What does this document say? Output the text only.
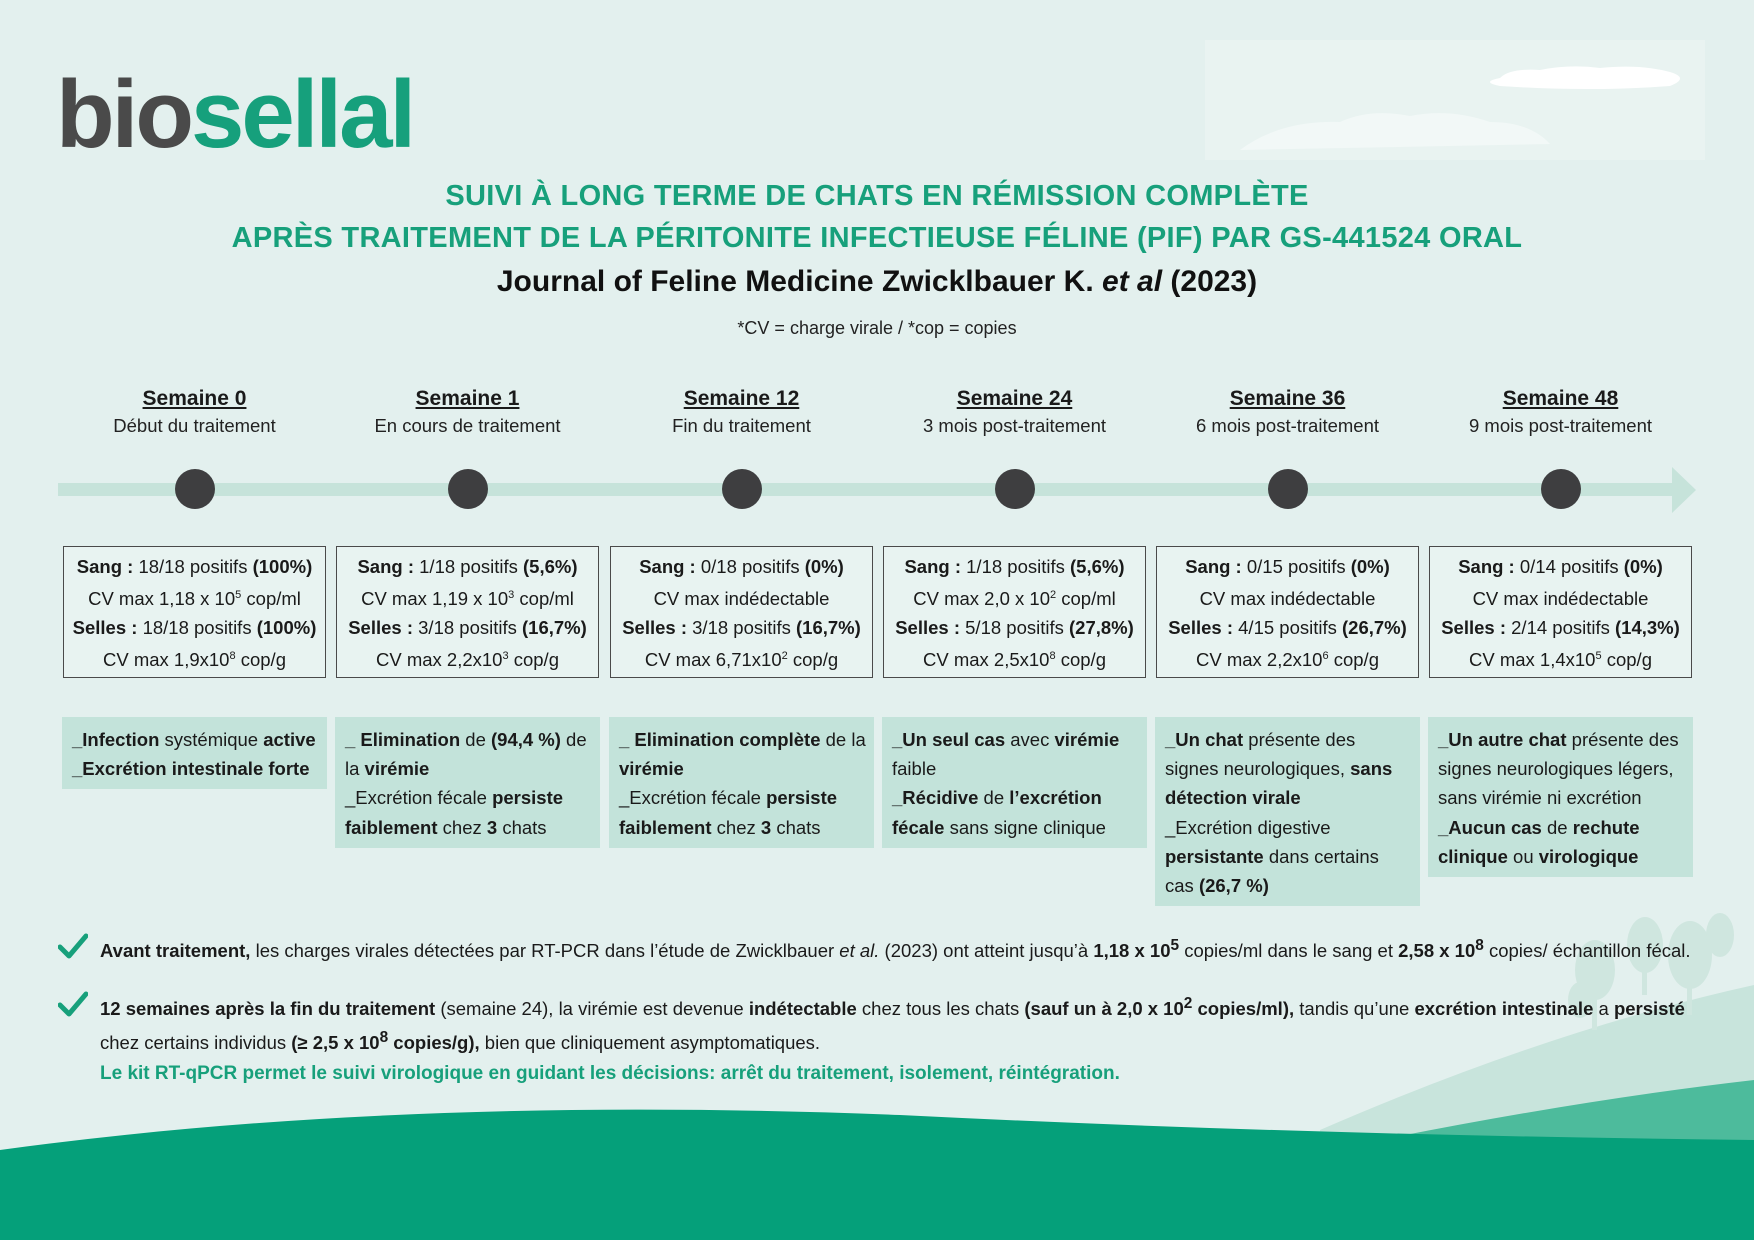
biosellal
SUIVI À LONG TERME DE CHATS EN RÉMISSION COMPLÈTE
APRÈS TRAITEMENT DE LA PÉRITONITE INFECTIEUSE FÉLINE (PIF) PAR GS-441524 ORAL
Journal of Feline Medicine Zwicklbauer K. et al (2023)
*CV = charge virale / *cop = copies
Semaine 0
Début du traitement
Sang : 18/18 positifs (100%)
CV max 1,18 x $10^5$ cop/ml
Selles : 18/18 positifs (100%)
CV $\max 1,9x10^8$ cop/g
_Infection systémique active
_Excrétion intestinale forte
Semaine 1
En cours de traitement
Sang : 1/18 positifs (5,6%)
CV max 1,19 x $10^3$ cop/ml
Selles : 3/18 positifs (16,7%)
CV $\max 2,2x10^3$ cop/g
_ Elimination de (94,4 %) de la virémie
_Excrétion fécale persiste faiblement chez 3 chats
Semaine 12
Fin du traitement
Sang : 0/18 positifs (0%)
CV max indédectable
Selles : 3/18 positifs (16,7%)
CV $\max 6,71x10^2$ cop/g
_ Elimination complète de la virémie
_Excrétion fécale persiste faiblement chez 3 chats
Semaine 24
3 mois post-traitement
Sang : 1/18 positifs (5,6%)
CV max 2,0 x $10^2$ cop/ml
Selles : 5/18 positifs (27,8%)
CV $\max 2,5x10^8$ cop/g
_Un seul cas avec virémie faible
_Récidive de l’excrétion fécale sans signe clinique
Semaine 36
6 mois post-traitement
Sang : 0/15 positifs (0%)
CV max indédectable
Selles : 4/15 positifs (26,7%)
CV $\max 2,2x10^6$ cop/g
_Un chat présente des signes neurologiques, sans détection virale
_Excrétion digestive persistante dans certains cas (26,7 %)
Semaine 48
9 mois post-traitement
Sang : 0/14 positifs (0%)
CV max indédectable
Selles : 2/14 positifs (14,3%)
CV $\max 1,4x10^5$ cop/g
_Un autre chat présente des signes neurologiques légers, sans virémie ni excrétion
_Aucun cas de rechute clinique ou virologique
Avant traitement, les charges virales détectées par RT-PCR dans l’étude de Zwicklbauer et al. (2023) ont atteint jusqu’à 1,18 x $10^5$ copies/ml dans le sang et 2,58 x $10^8$ copies/ échantillon fécal.
12 semaines après la fin du traitement (semaine 24), la virémie est devenue indétectable chez tous les chats (sauf un à 2,0 x $10^2$ copies/ml), tandis qu’une excrétion intestinale a persisté chez certains individus (≥ 2,5 x $10^8$ copies/g), bien que cliniquement asymptomatiques.
Le kit RT-qPCR permet le suivi virologique en guidant les décisions: arrêt du traitement, isolement, réintégration.
